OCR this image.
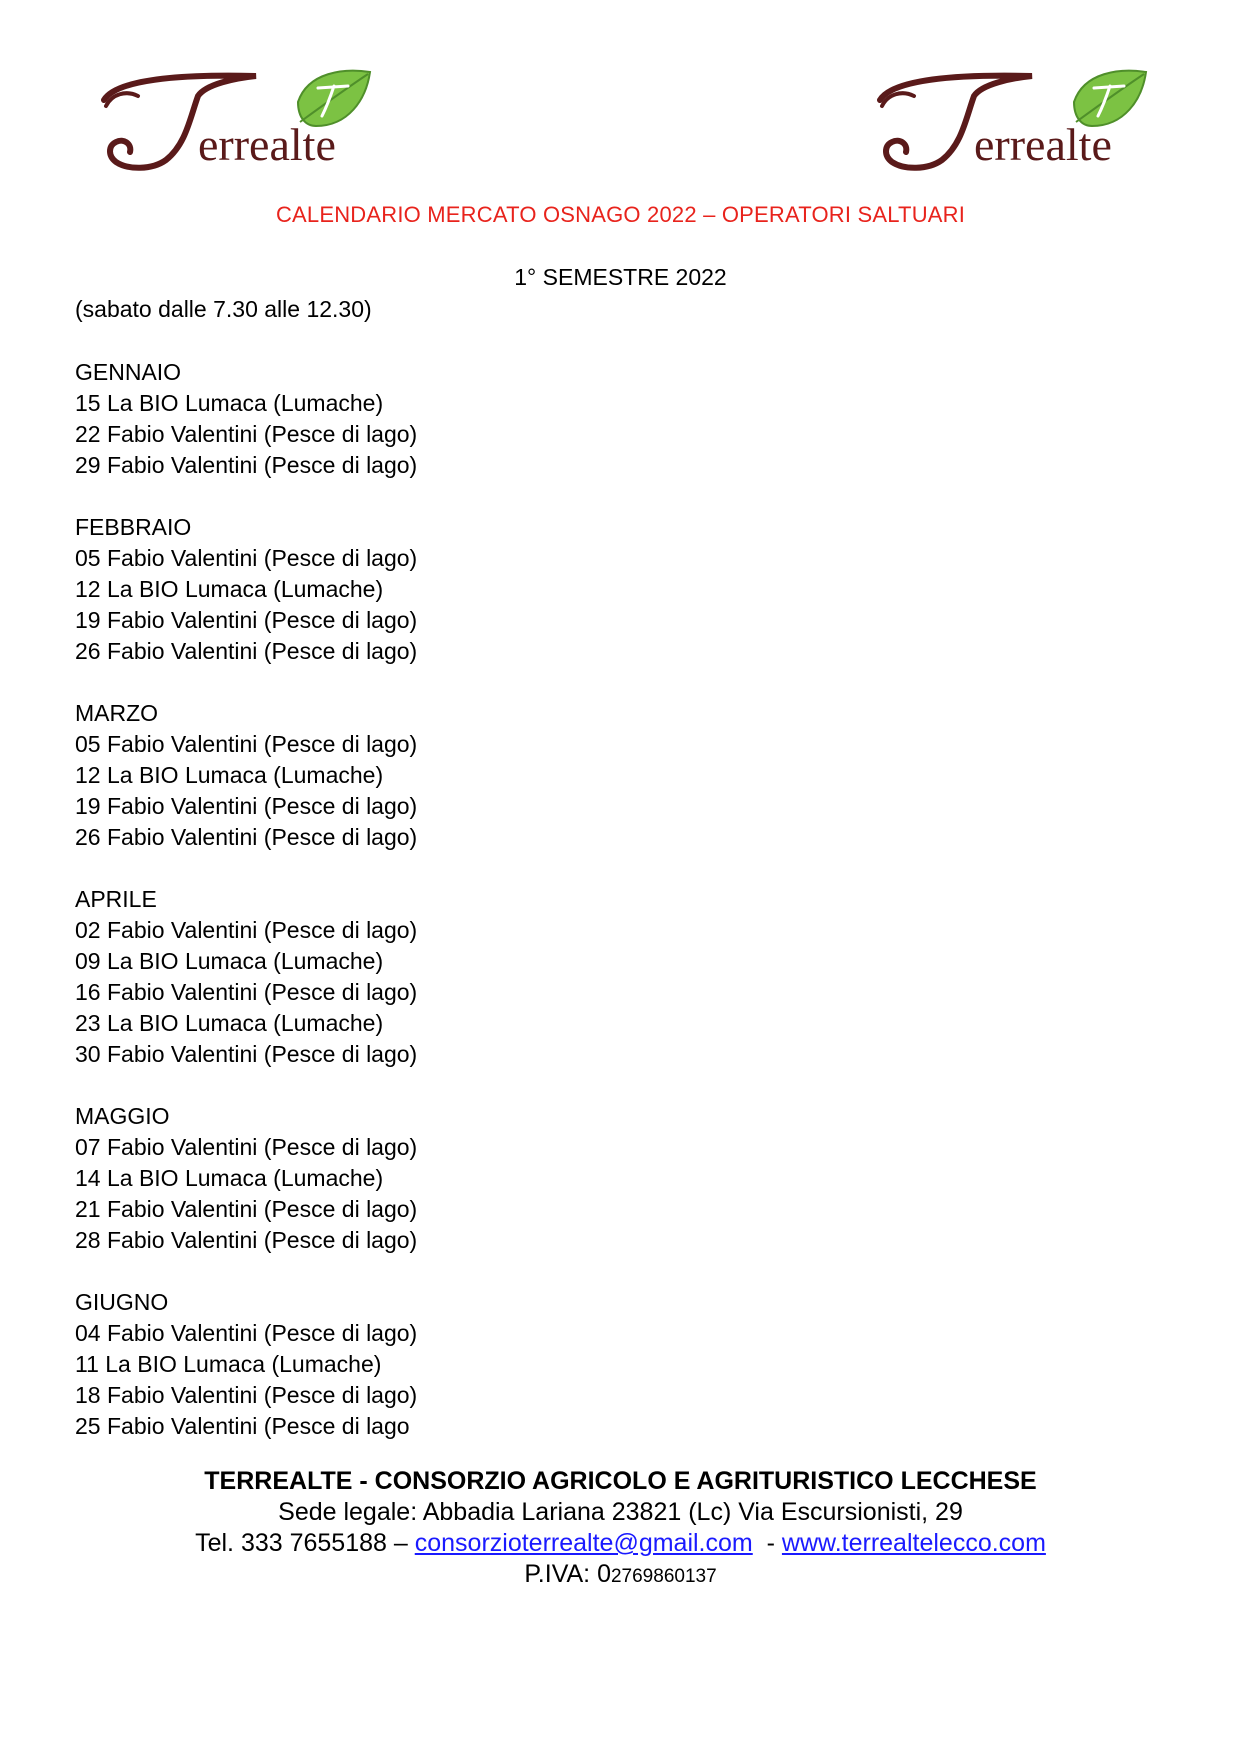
errealte	errealte
CALENDARIO MERCATO OSNAGO 2022 – OPERATORI SALTUARI
1° SEMESTRE 2022
(sabato dalle 7.30 alle 12.30)
GENNAIO
15 La BIO Lumaca (Lumache)
22 Fabio Valentini (Pesce di lago)
29 Fabio Valentini (Pesce di lago)
FEBBRAIO
05 Fabio Valentini (Pesce di lago)
12 La BIO Lumaca (Lumache)
19 Fabio Valentini (Pesce di lago)
26 Fabio Valentini (Pesce di lago)
MARZO
05 Fabio Valentini (Pesce di lago)
12 La BIO Lumaca (Lumache)
19 Fabio Valentini (Pesce di lago)
26 Fabio Valentini (Pesce di lago)
APRILE
02 Fabio Valentini (Pesce di lago)
09 La BIO Lumaca (Lumache)
16 Fabio Valentini (Pesce di lago)
23 La BIO Lumaca (Lumache)
30 Fabio Valentini (Pesce di lago)
MAGGIO
07 Fabio Valentini (Pesce di lago)
14 La BIO Lumaca (Lumache)
21 Fabio Valentini (Pesce di lago)
28 Fabio Valentini (Pesce di lago)
GIUGNO
04 Fabio Valentini (Pesce di lago)
11 La BIO Lumaca (Lumache)
18 Fabio Valentini (Pesce di lago)
25 Fabio Valentini (Pesce di lago
TERREALTE - CONSORZIO AGRICOLO E AGRITURISTICO LECCHESE
Sede legale: Abbadia Lariana 23821 (Lc) Via Escursionisti, 29
Tel. 333 7655188 – consorzioterrealte@gmail.com  - www.terrealtelecco.com
P.IVA: 02769860137
